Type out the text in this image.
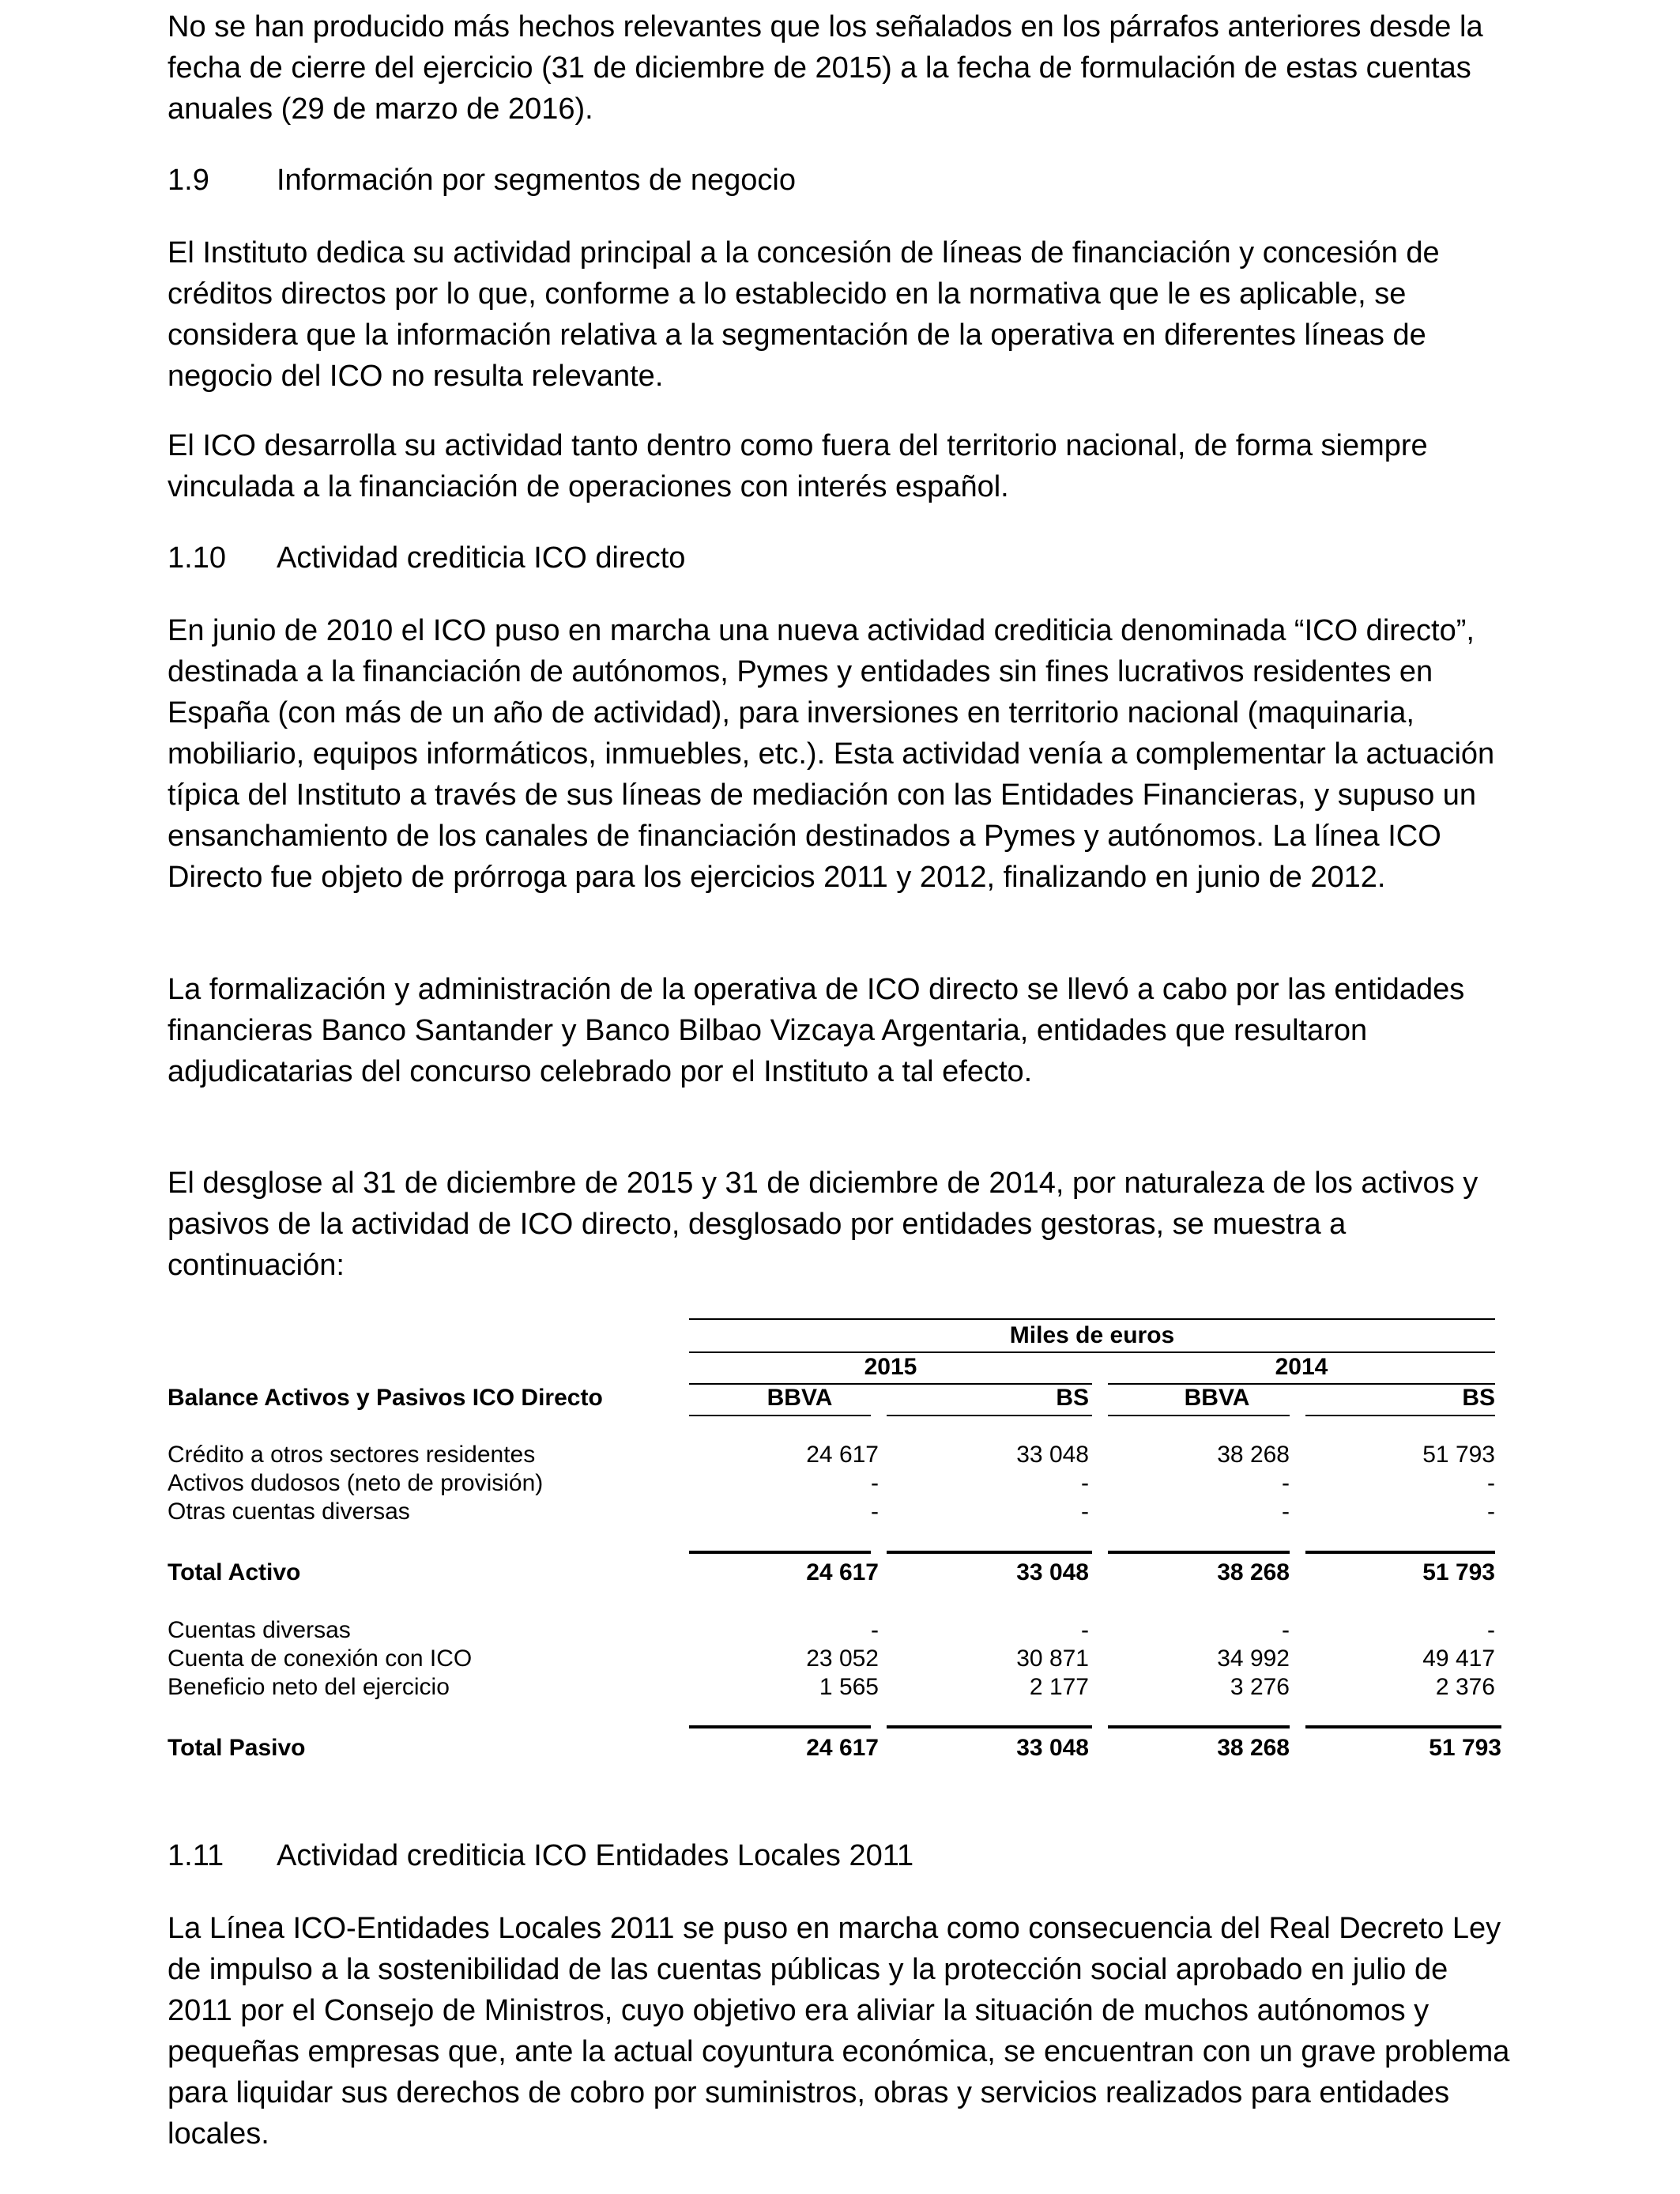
No se han producido más hechos relevantes que los señalados en los párrafos anteriores desde la fecha de cierre del ejercicio (31 de diciembre de 2015) a la fecha de formulación de estas cuentas anuales (29 de marzo de 2016).

1.9 Información por segmentos de negocio

El Instituto dedica su actividad principal a la concesión de líneas de financiación y concesión de créditos directos por lo que, conforme a lo establecido en la normativa que le es aplicable, se considera que la información relativa a la segmentación de la operativa en diferentes líneas de negocio del ICO no resulta relevante.

El ICO desarrolla su actividad tanto dentro como fuera del territorio nacional, de forma siempre vinculada a la financiación de operaciones con interés español.

1.10 Actividad crediticia ICO directo

En junio de 2010 el ICO puso en marcha una nueva actividad crediticia denominada “ICO directo”, destinada a la financiación de autónomos, Pymes y entidades sin fines lucrativos residentes en España (con más de un año de actividad), para inversiones en territorio nacional (maquinaria, mobiliario, equipos informáticos, inmuebles, etc.). Esta actividad venía a complementar la actuación típica del Instituto a través de sus líneas de mediación con las Entidades Financieras, y supuso un ensanchamiento de los canales de financiación destinados a Pymes y autónomos. La línea ICO Directo fue objeto de prórroga para los ejercicios 2011 y 2012, finalizando en junio de 2012.

La formalización y administración de la operativa de ICO directo se llevó a cabo por las entidades financieras Banco Santander y Banco Bilbao Vizcaya Argentaria, entidades que resultaron adjudicatarias del concurso celebrado por el Instituto a tal efecto.

El desglose al 31 de diciembre de 2015 y 31 de diciembre de 2014, por naturaleza de los activos y pasivos de la actividad de ICO directo, desglosado por entidades gestoras, se muestra a continuación:

Miles de euros
2015	2014
Balance Activos y Pasivos ICO Directo	BBVA	BS	BBVA	BS
Crédito a otros sectores residentes	24 617	33 048	38 268	51 793
Activos dudosos (neto de provisión)	-	-	-	-
Otras cuentas diversas	-	-	-	-
Total Activo	24 617	33 048	38 268	51 793
Cuentas diversas	-	-	-	-
Cuenta de conexión con ICO	23 052	30 871	34 992	49 417
Beneficio neto del ejercicio	1 565	2 177	3 276	2 376
Total Pasivo	24 617	33 048	38 268	51 793
1.11 Actividad crediticia ICO Entidades Locales 2011

La Línea ICO-Entidades Locales 2011 se puso en marcha como consecuencia del Real Decreto Ley de impulso a la sostenibilidad de las cuentas públicas y la protección social aprobado en julio de 2011 por el Consejo de Ministros, cuyo objetivo era aliviar la situación de muchos autónomos y pequeñas empresas que, ante la actual coyuntura económica, se encuentran con un grave problema para liquidar sus derechos de cobro por suministros, obras y servicios realizados para entidades locales.
